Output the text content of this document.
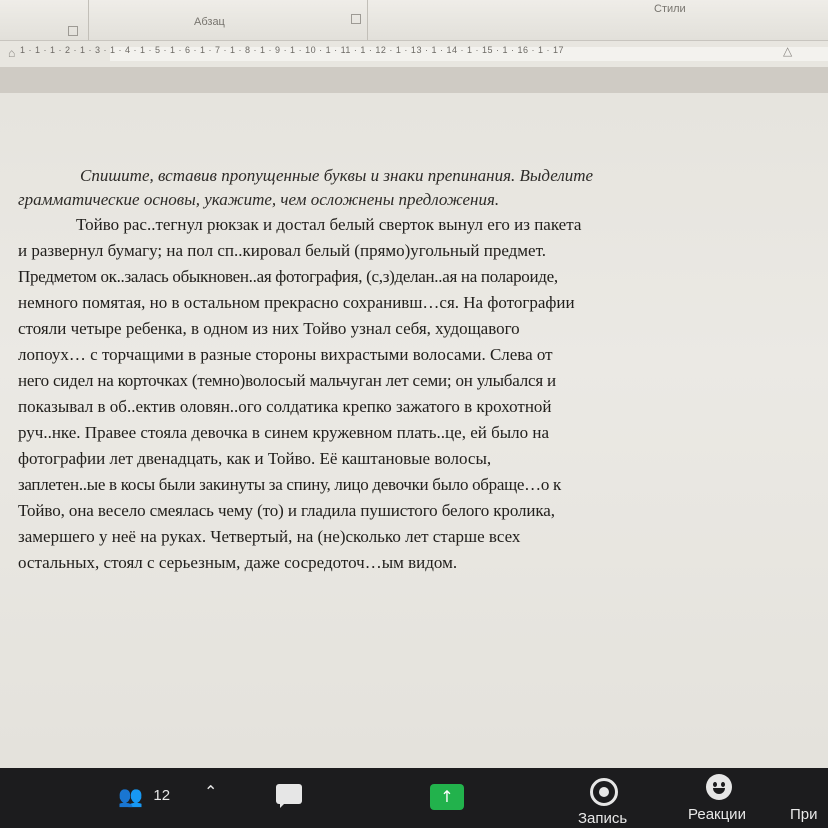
Абзац
Стили
⌂ 1 · 1 · 1 · 2 · 1 · 3 · 1 · 4 · 1 · 5 · 1 · 6 · 1 · 7 · 1 · 8 · 1 · 9 · 1 · 10 · 1 · 11 · 1 · 12 · 1 · 13 · 1 · 14 · 1 · 15 · 1 · 16 · 1 · 17	△
Спишите, вставив пропущенные буквы и знаки препинания. Выделите
грамматические основы, укажите, чем осложнены предложения.
Тойво рас..тегнул рюкзак и достал белый сверток вынул его из пакета
и развернул бумагу; на пол сп..кировал белый (прямо)угольный предмет.
Предметом ок..залась обыкновен..ая фотография, (с,з)делан..ая на полароиде,
немного помятая, но в остальном прекрасно сохранивш…ся. На фотографии
стояли четыре ребенка, в одном из них Тойво узнал себя, худощавого
лопоух… с торчащими в разные стороны вихрастыми волосами. Слева от
него сидел на корточках (темно)волосый мальчуган лет семи; он улыбался и
показывал в об..ектив оловян..ого солдатика крепко зажатого в крохотной
руч..нке. Правее стояла девочка в синем кружевном плать..це, ей было на
фотографии лет двенадцать, как и Тойво. Её каштановые волосы,
заплетен..ые в косы были закинуты за спину, лицо девочки было обраще…о к
Тойво, она весело смеялась чему (то) и гладила пушистого белого кролика,
замершего у неё на руках. Четвертый, на (не)сколько лет старше всех
остальных, стоял с серьезным, даже сосредоточ…ым видом.
👥 12 ⌃	↑
Запись	Реакции	При
